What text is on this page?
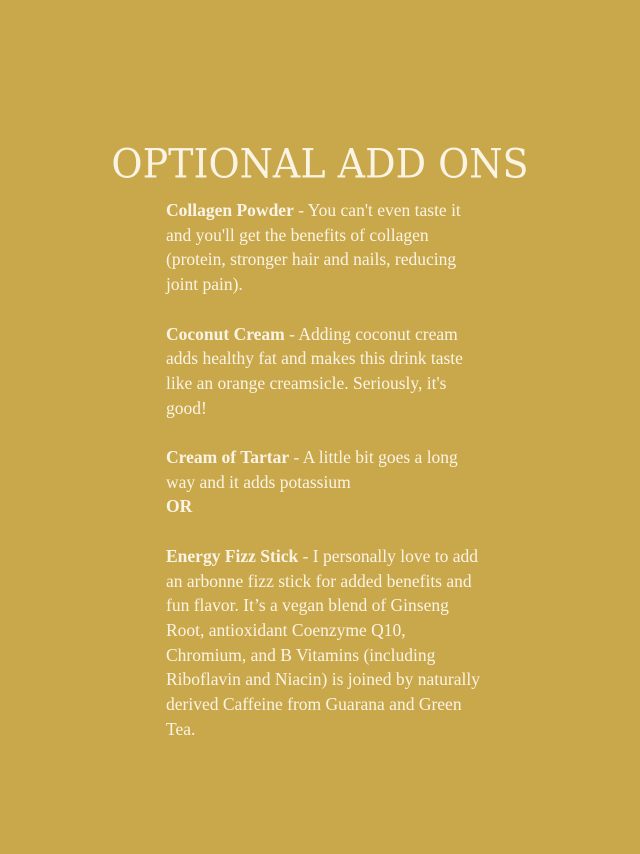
OPTIONAL ADD ONS

Collagen Powder - You can't even taste it and you'll get the benefits of collagen (protein, stronger hair and nails, reducing joint pain).

Coconut Cream - Adding coconut cream adds healthy fat and makes this drink taste like an orange creamsicle. Seriously, it's good!

Cream of Tartar - A little bit goes a long way and it adds potassium
OR

Energy Fizz Stick - I personally love to add an arbonne fizz stick for added benefits and fun flavor. It’s a vegan blend of Ginseng Root, antioxidant Coenzyme Q10, Chromium, and B Vitamins (including Riboflavin and Niacin) is joined by naturally derived Caffeine from Guarana and Green Tea.
